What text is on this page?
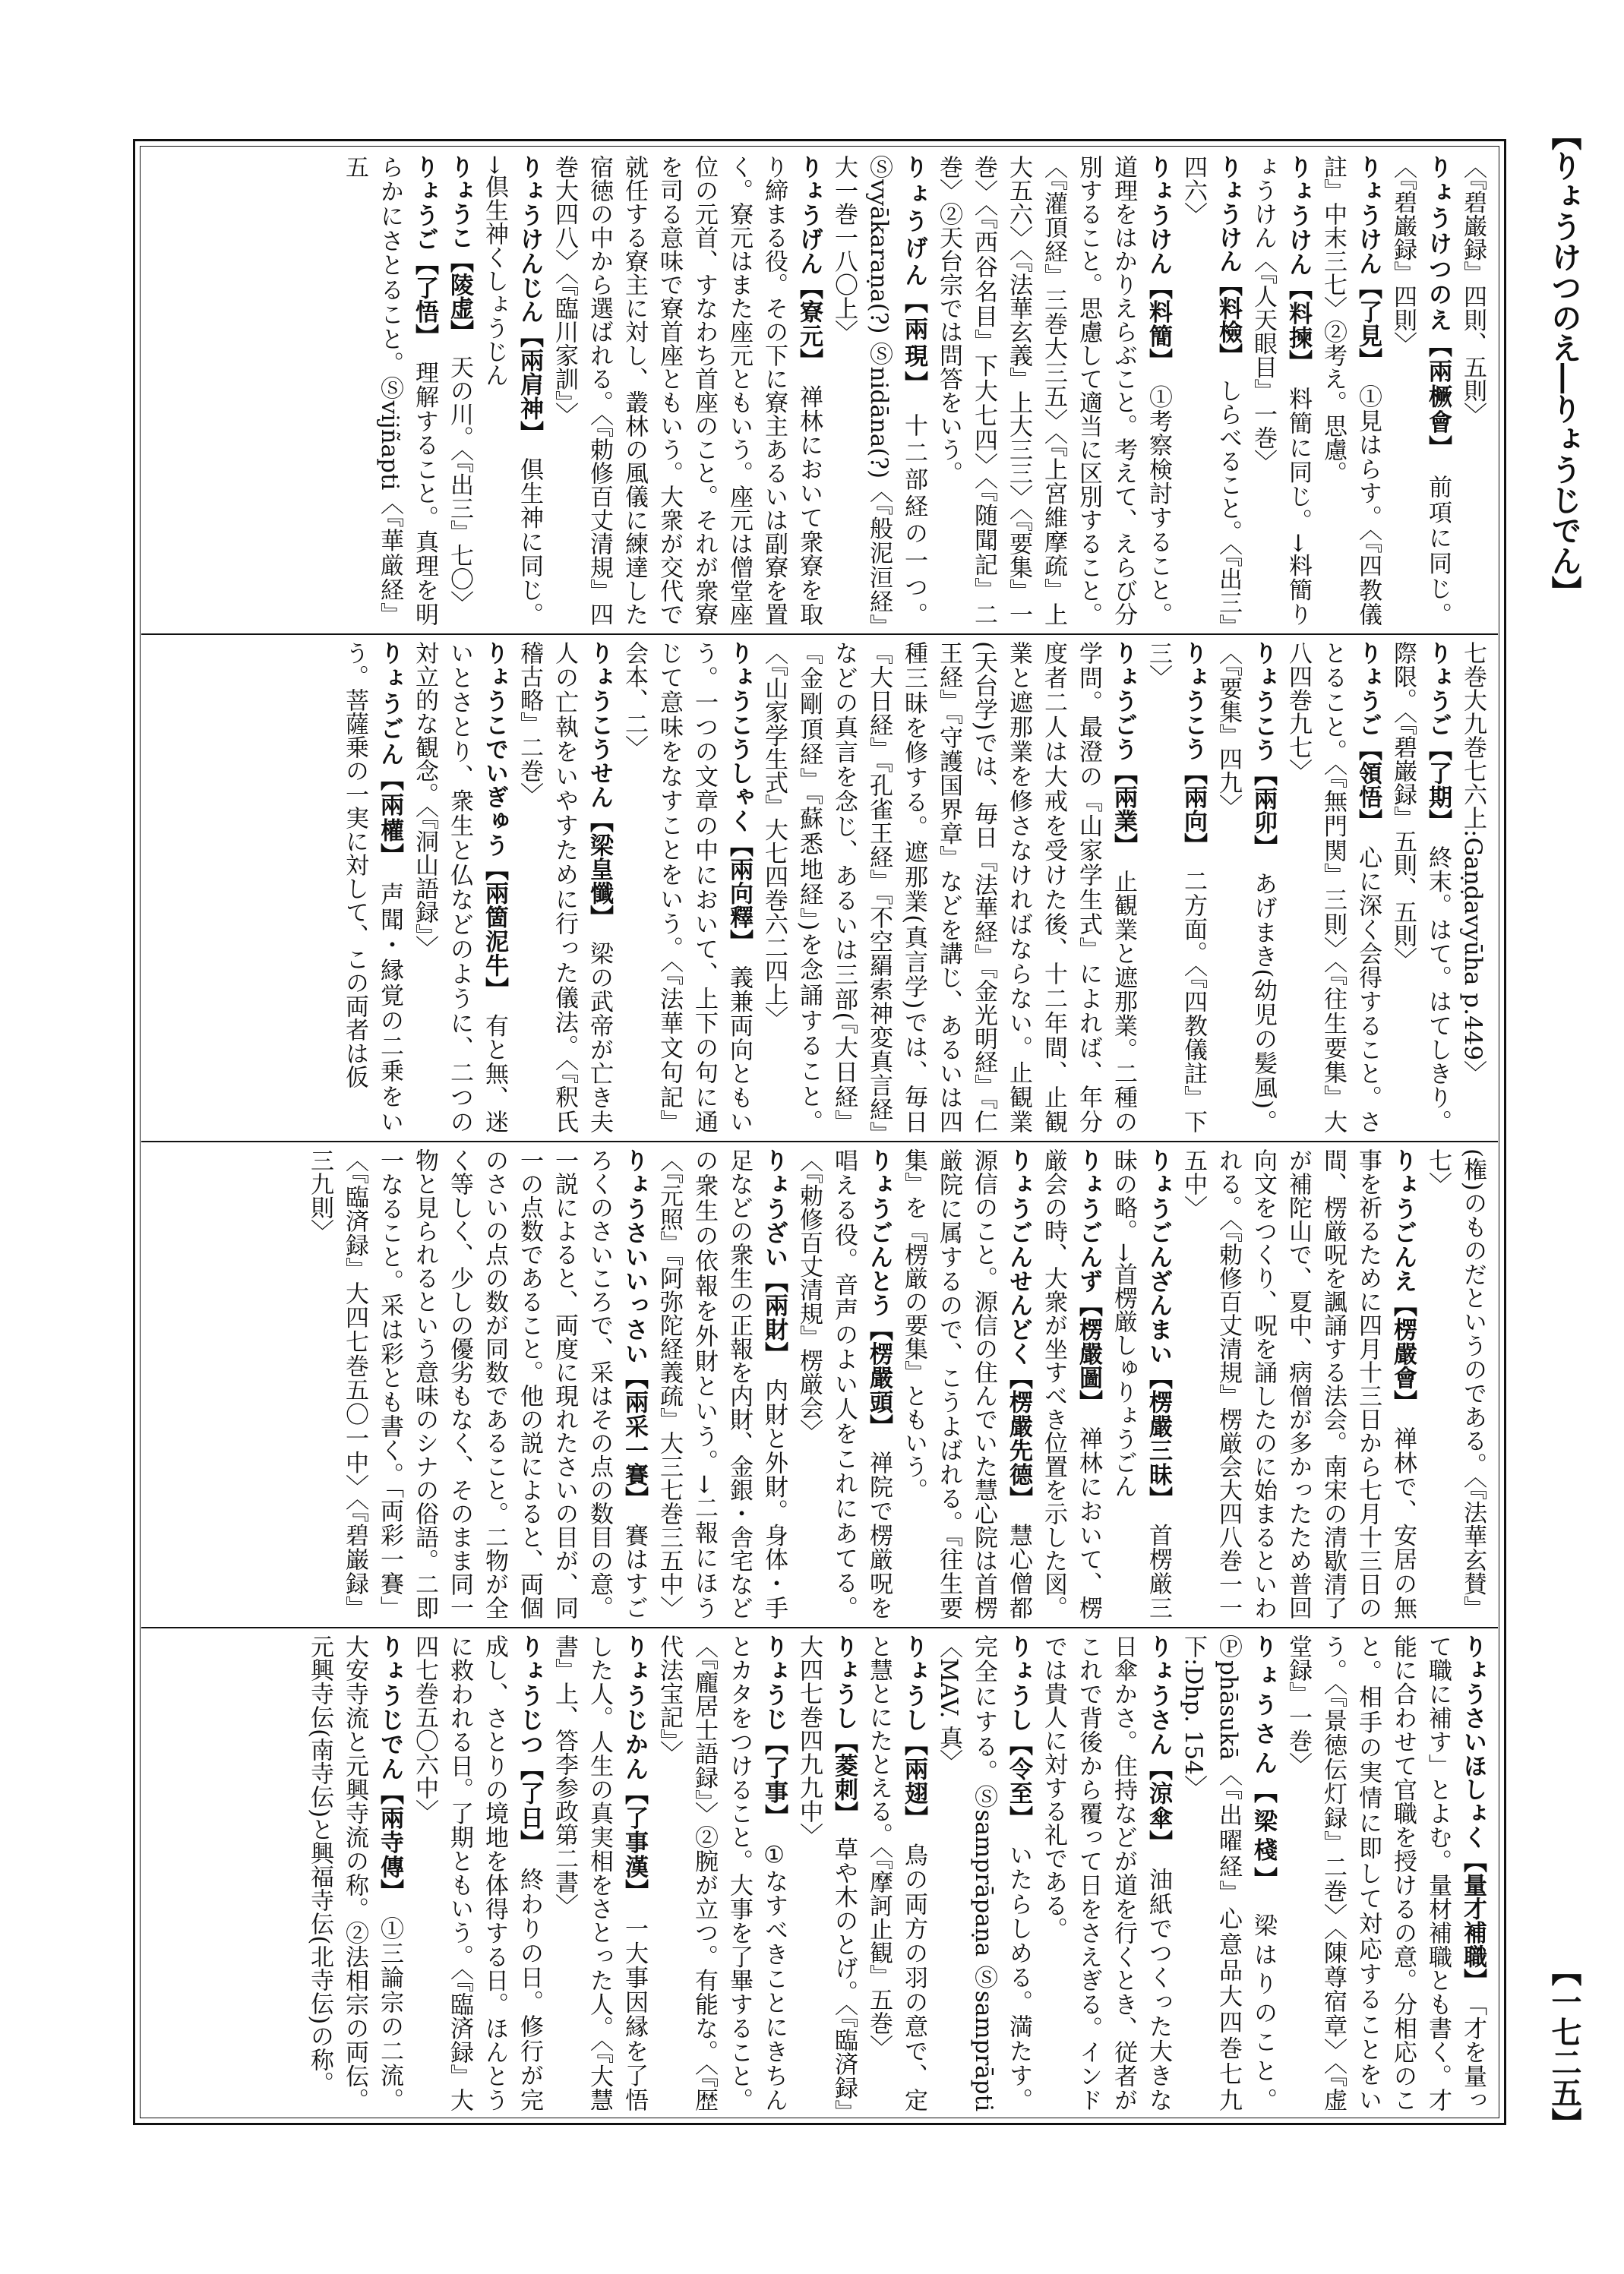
【りょうけつのえ―りょうじでん】
〈『碧巌録』四則、五則〉
りょうけつのえ【兩橛會】　前項に同じ。〈『碧巌録』四則〉
りょうけん【了見】　①見はらす。〈『四教儀註』中末三七〉②考え。思慮。
りょうけん【料揀】　料簡に同じ。→料簡りょうけん〈『人天眼目』一巻〉
りょうけん【料檢】　しらべること。〈『出三』四六〉
りょうけん【料簡】　①考察検討すること。道理をはかりえらぶこと。考えて、えらび分別すること。思慮して適当に区別すること。〈『灌頂経』三巻大三五〉〈『上宮維摩疏』上大五六〉〈『法華玄義』上大三三〉〈『要集』一巻〉〈『西谷名目』下大七四〉〈『随聞記』二巻〉②天台宗では問答をいう。
りょうげん【兩現】　十二部経の一つ。Ⓢvyākaraṇa(?) Ⓢnidāna(?)〈『般泥洹経』大一巻一八〇上〉
りょうげん【寮元】　禅林において衆寮を取り締まる役。その下に寮主あるいは副寮を置く。寮元はまた座元ともいう。座元は僧堂座位の元首、すなわち首座のこと。それが衆寮を司る意味で寮首座ともいう。大衆が交代で就任する寮主に対し、叢林の風儀に練達した宿徳の中から選ばれる。〈『勅修百丈清規』四巻大四八〉〈『臨川家訓』〉
りょうけんじん【兩肩神】　倶生神に同じ。→倶生神くしょうじん
りょうこ【陵虚】　天の川。〈『出三』七〇〉
りょうご【了悟】　理解すること。真理を明らかにさとること。Ⓢvijñapti〈『華厳経』五
七巻大九巻七六上:Gaṇḍavyūha p.449〉
りょうご【了期】　終末。はて。はてしきり。際限。〈『碧巌録』五則、五則〉
りょうご【領悟】　心に深く会得すること。さとること。〈『無門関』三則〉〈『往生要集』大八四巻九七〉
りょうこう【兩卯】　あげまき(幼児の髪風)。〈『要集』四九〉
りょうこう【兩向】　二方面。〈『四教儀註』下三〉
りょうごう【兩業】　止観業と遮那業。二種の学問。最澄の『山家学生式』によれば、年分度者二人は大戒を受けた後、十二年間、止観業と遮那業を修さなければならない。止観業(天台学)では、毎日『法華経』『金光明経』『仁王経』『守護国界章』などを講じ、あるいは四種三昧を修する。遮那業(真言学)では、毎日『大日経』『孔雀王経』『不空羂索神変真言経』などの真言を念じ、あるいは三部(『大日経』『金剛頂経』『蘇悉地経』)を念誦すること。〈『山家学生式』大七四巻六二四上〉
りょうこうしゃく【兩向釋】　義兼両向ともいう。一つの文章の中において、上下の句に通じて意味をなすことをいう。〈『法華文句記』会本、二〉
りょうこうせん【梁皇懺】　梁の武帝が亡き夫人の亡執をいやすために行った儀法。〈『釈氏稽古略』二巻〉
りょうこでいぎゅう【兩箇泥牛】　有と無、迷いとさとり、衆生と仏などのように、二つの対立的な観念。〈『洞山語録』〉
りょうごん【兩權】　声聞・縁覚の二乗をいう。菩薩乗の一実に対して、この両者は仮
(権)のものだというのである。〈『法華玄賛』七〉
りょうごんえ【楞嚴會】　禅林で、安居の無事を祈るために四月十三日から七月十三日の間、楞厳呪を諷誦する法会。南宋の清歇清了が補陀山で、夏中、病僧が多かったため普回向文をつくり、呪を誦したのに始まるといわれる。〈『勅修百丈清規』楞厳会大四八巻一一五中〉
りょうごんざんまい【楞嚴三昧】　首楞厳三昧の略。→首楞厳しゅりょうごん
りょうごんず【楞嚴圖】　禅林において、楞厳会の時、大衆が坐すべき位置を示した図。
りょうごんせんどく【楞嚴先德】　慧心僧都源信のこと。源信の住んでいた慧心院は首楞厳院に属するので、こうよばれる。『往生要集』を『楞厳の要集』ともいう。
りょうごんとう【楞嚴頭】　禅院で楞厳呪を唱える役。音声のよい人をこれにあてる。〈『勅修百丈清規』楞厳会〉
りょうざい【兩財】　内財と外財。身体・手足などの衆生の正報を内財、金銀・舎宅などの衆生の依報を外財という。→二報にほう〈『元照』『阿弥陀経義疏』大三七巻三五中〉
りょうさいいっさい【兩采一賽】　賽はすごろくのさいころで、采はその点の数目の意。一説によると、両度に現れたさいの目が、同一の点数であること。他の説によると、両個のさいの点の数が同数であること。二物が全く等しく、少しの優劣もなく、そのまま同一物と見られるという意味のシナの俗語。二即一なること。采は彩とも書く。「両彩一賽」〈『臨済録』大四七巻五〇一中〉〈『碧巌録』三九則〉
りょうさいほしょく【量才補職】　「才を量って職に補す」とよむ。量材補職とも書く。才能に合わせて官職を授けるの意。分相応のこと。相手の実情に即して対応することをいう。〈『景徳伝灯録』二巻〉〈陳尊宿章〉〈『虚堂録』一巻〉
りょうさん【梁棧】　梁はりのこと。Ⓟphāsukā〈『出曜経』心意品大四巻七九下:Dhp. 154〉
りょうさん【涼傘】　油紙でつくった大きな日傘かさ。住持などが道を行くとき、従者がこれで背後から覆って日をさえぎる。インドでは貴人に対する礼である。
りょうし【令至】　いたらしめる。満たす。完全にする。Ⓢsamprāpaṇa Ⓢsamprāpti〈MAV. 真〉
りょうし【兩翅】　鳥の両方の羽の意で、定と慧とにたとえる。〈『摩訶止観』五巻〉
りょうし【菱刺】　草や木のとげ。〈『臨済録』大四七巻四九九中〉
りょうじ【了事】　①なすべきことにきちんとカタをつけること。大事を了畢すること。〈『龐居士語録』〉②腕が立つ。有能な。〈『歴代法宝記』〉
りょうじかん【了事漢】　一大事因縁を了悟した人。人生の真実相をさとった人。〈『大慧書』上、答李参政第二書〉
りょうじつ【了日】　終わりの日。修行が完成し、さとりの境地を体得する日。ほんとうに救われる日。了期ともいう。〈『臨済録』大四七巻五〇六中〉
りょうじでん【兩寺傳】　①三論宗の二流。大安寺流と元興寺流の称。②法相宗の両伝。元興寺伝(南寺伝)と興福寺伝(北寺伝)の称。	【一七二五】
